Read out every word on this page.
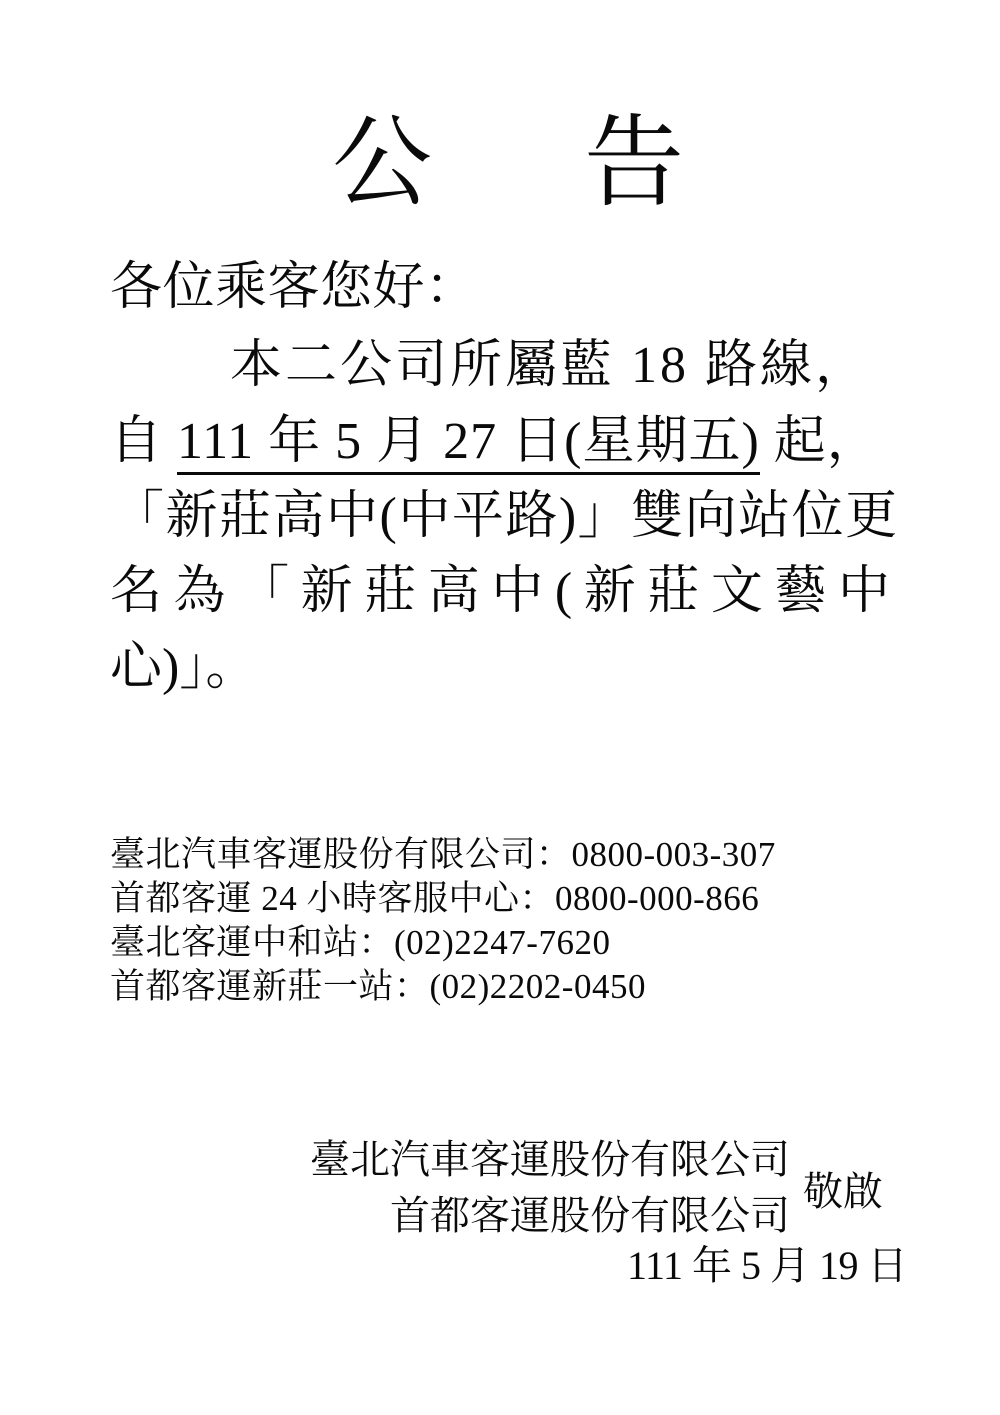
公 告
各位乘客您好：
本二公司所屬藍 18 路線，
自 111 年 5 月 27 日(星期五) 起，
「新莊高中(中平路)」雙向站位更
名為「新莊高中(新莊文藝中
心)」。
臺北汽車客運股份有限公司：0800-003-307
首都客運 24 小時客服中心：0800-000-866
臺北客運中和站：(02)2247-7620
首都客運新莊一站：(02)2202-0450
臺北汽車客運股份有限公司
首都客運股份有限公司
敬啟
111 年 5 月 19 日
